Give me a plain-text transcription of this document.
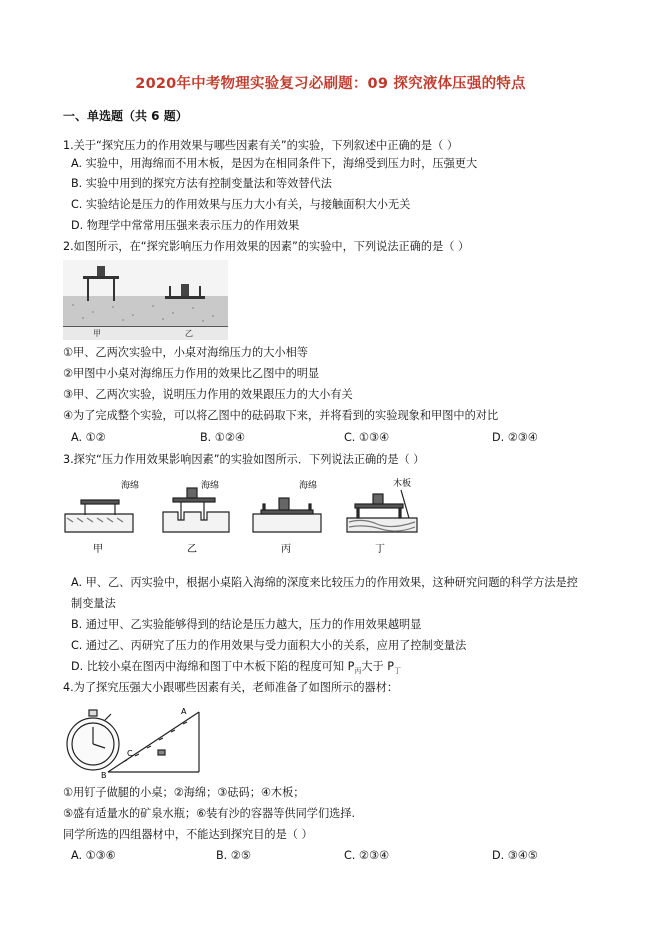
2020年中考物理实验复习必刷题：09 探究液体压强的特点
一、单选题（共 6 题）
1.关于“探究压力的作用效果与哪些因素有关”的实验，下列叙述中正确的是（ ）
A. 实验中，用海绵而不用木板，是因为在相同条件下，海绵受到压力时，压强更大
B. 实验中用到的探究方法有控制变量法和等效替代法
C. 实验结论是压力的作用效果与压力大小有关，与接触面积大小无关
D. 物理学中常常用压强来表示压力的作用效果
2.如图所示，在“探究影响压力作用效果的因素”的实验中，下列说法正确的是（ ）
甲	乙
①甲、乙两次实验中，小桌对海绵压力的大小相等
②甲图中小桌对海绵压力作用的效果比乙图中的明显
③甲、乙两次实验，说明压力作用的效果跟压力的大小有关
④为了完成整个实验，可以将乙图中的砝码取下来，并将看到的实验现象和甲图中的对比
A. ①②	B. ①②④	C. ①③④	D. ②③④
3.探究“压力作用效果影响因素”的实验如图所示．下列说法正确的是（ ）
海绵	海绵	海绵	木板
甲	乙	丙	丁
A. 甲、乙、丙实验中，根据小桌陷入海绵的深度来比较压力的作用效果，这种研究问题的科学方法是控
制变量法
B. 通过甲、乙实验能够得到的结论是压力越大，压力的作用效果越明显
C. 通过乙、丙研究了压力的作用效果与受力面积大小的关系，应用了控制变量法
D. 比较小桌在图丙中海绵和图丁中木板下陷的程度可知 $P_丙$大于 $P_丁$
4.为了探究压强大小跟哪些因素有关，老师准备了如图所示的器材：
B
A
C
①用钉子做腿的小桌；②海绵；③砝码；④木板；
⑤盛有适量水的矿泉水瓶；⑥装有沙的容器等供同学们选择.
同学所选的四组器材中，不能达到探究目的是（ ）
A. ①③⑥	B. ②⑤	C. ②③④	D. ③④⑤
